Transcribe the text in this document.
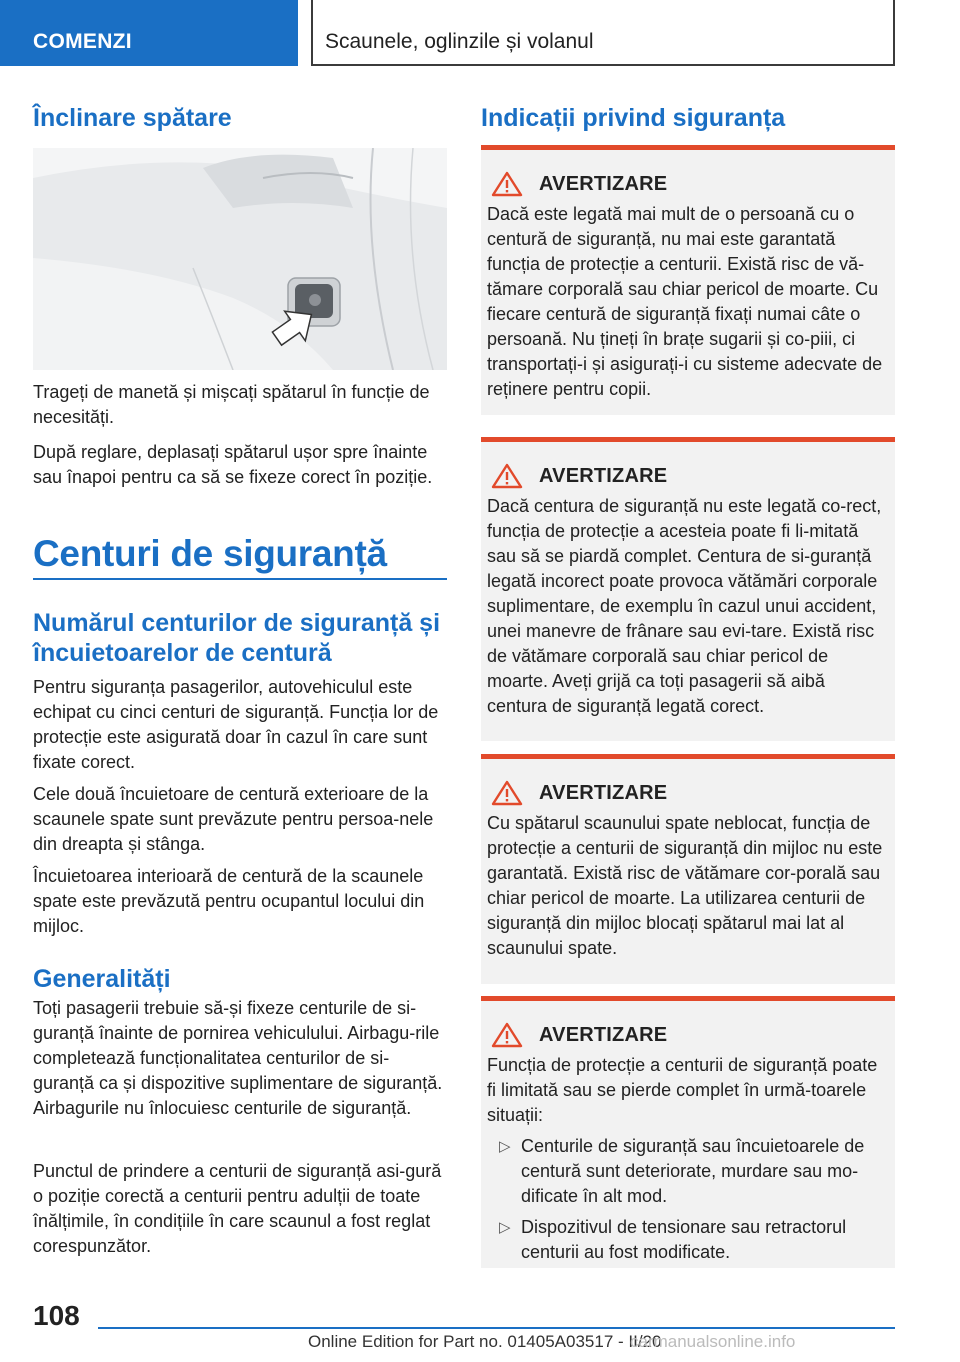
COMENZI	Scaunele, oglinzile și volanul
Înclinare spătare
Trageți de manetă și mișcați spătarul în funcție de necesități.
După reglare, deplasați spătarul ușor spre înainte sau înapoi pentru ca să se fixeze corect în poziție.
Centuri de siguranță
Numărul centurilor de siguranță și încuietoarelor de centură
Pentru siguranța pasagerilor, autovehiculul este echipat cu cinci centuri de siguranță. Funcția lor de protecție este asigurată doar în cazul în care sunt fixate corect.
Cele două încuietoare de centură exterioare de la scaunele spate sunt prevăzute pentru persoa-nele din dreapta și stânga.
Încuietoarea interioară de centură de la scaunele spate este prevăzută pentru ocupantul locului din mijloc.
Generalități
Toți pasagerii trebuie să-și fixeze centurile de si-guranță înainte de pornirea vehiculului. Airbagu-rile completează funcționalitatea centurilor de si-guranță ca și dispozitive suplimentare de siguranță. Airbagurile nu înlocuiesc centurile de siguranță.
Punctul de prindere a centurii de siguranță asi-gură o poziție corectă a centurii pentru adulții de toate înălțimile, în condițiile în care scaunul a fost reglat corespunzător.
Indicații privind siguranța
AVERTIZARE
Dacă este legată mai mult de o persoană cu o centură de siguranță, nu mai este garantată funcția de protecție a centurii. Există risc de vă-tămare corporală sau chiar pericol de moarte. Cu fiecare centură de siguranță fixați numai câte o persoană. Nu țineți în brațe sugarii și co-piii, ci transportați-i și asigurați-i cu sisteme adecvate de reținere pentru copii.
AVERTIZARE
Dacă centura de siguranță nu este legată co-rect, funcția de protecție a acesteia poate fi li-mitată sau să se piardă complet. Centura de si-guranță legată incorect poate provoca vătămări corporale suplimentare, de exemplu în cazul unui accident, unei manevre de frânare sau evi-tare. Există risc de vătămare corporală sau chiar pericol de moarte. Aveți grijă ca toți pasagerii să aibă centura de siguranță legată corect.
AVERTIZARE
Cu spătarul scaunului spate neblocat, funcția de protecție a centurii de siguranță din mijloc nu este garantată. Există risc de vătămare cor-porală sau chiar pericol de moarte. La utilizarea centurii de siguranță din mijloc blocați spătarul mai lat al scaunului spate.
AVERTIZARE
Funcția de protecție a centurii de siguranță poate fi limitată sau se pierde complet în urmă-toarele situații:
▷ Centurile de siguranță sau încuietoarele de centură sunt deteriorate, murdare sau mo-dificate în alt mod.
▷ Dispozitivul de tensionare sau retractorul centurii au fost modificate.
108
Online Edition for Part no. 01405A03517 - II/20
carmanualsonline.info
